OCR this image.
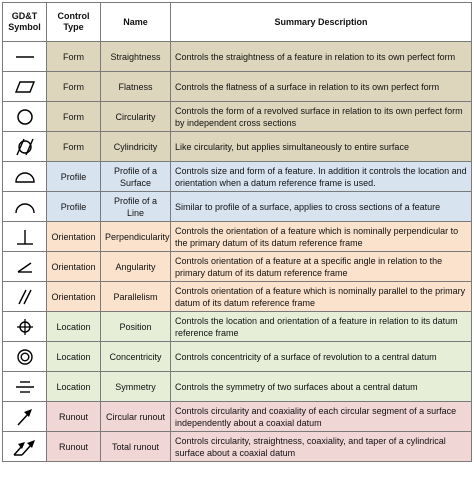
GD&T Symbol	Control Type	Name	Summary Description

	Form	Straightness	Controls the straightness of a feature in relation to its own perfect form

	Form	Flatness	Controls the flatness of a surface in relation to its own perfect form

	Form	Circularity	Controls the form of a revolved surface in relation to its own perfect form by independent cross sections

	Form	Cylindricity	Like circularity, but applies simultaneously to entire surface

	Profile	Profile of a Surface	Controls size and form of a feature. In addition it controls the location and orientation when a datum reference frame is used.

	Profile	Profile of a Line	Similar to profile of a surface, applies to cross sections of a feature

	Orientation	Perpendicularity	Controls the orientation of a feature which is nominally perpendicular to the primary datum of its datum reference frame

	Orientation	Angularity	Controls orientation of a feature at a specific angle in relation to the primary datum of its datum reference frame

	Orientation	Parallelism	Controls orientation of a feature which is nominally parallel to the primary datum of its datum reference frame

	Location	Position	Controls the location and orientation of a feature in relation to its datum reference frame

	Location	Concentricity	Controls concentricity of a surface of revolution to a central datum

	Location	Symmetry	Controls the symmetry of two surfaces about a central datum

	Runout	Circular runout	Controls circularity and coaxiality of each circular segment of a surface independently about a coaxial datum

	Runout	Total runout	Controls circularity, straightness, coaxiality, and taper of a cylindrical surface about a coaxial datum
